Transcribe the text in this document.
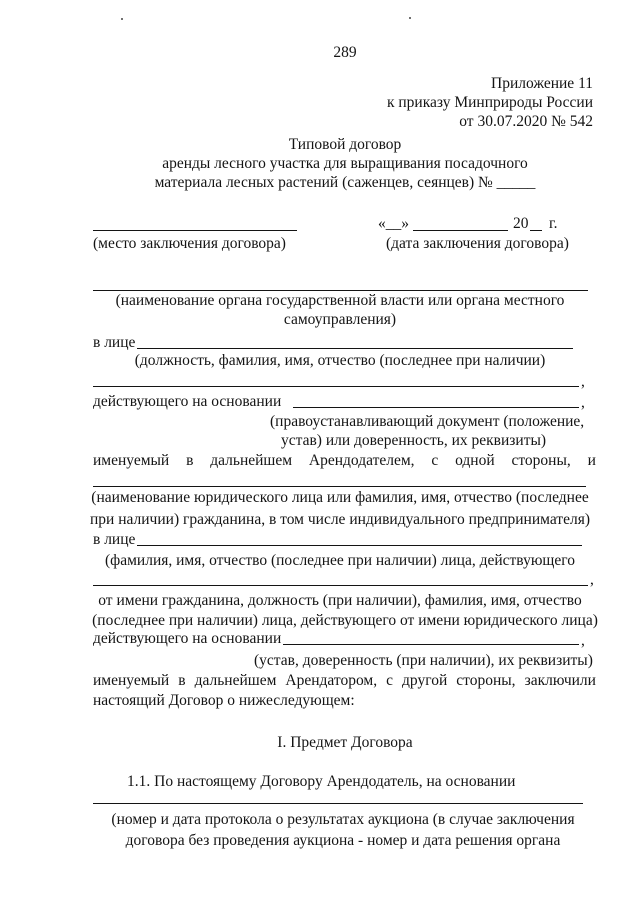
289
Приложение 11
к приказу Минприроды России
от 30.07.2020 № 542
Типовой договор
аренды лесного участка для выращивания посадочного
материала лесных растений (саженцев, сеянцев) № _____
«__»	20 г.
(место заключения договора)	(дата заключения договора)
(наименование органа государственной власти или органа местного
самоуправления)
в лице
(должность, фамилия, имя, отчество (последнее при наличии)
,
действующего на основании	,
(правоустанавливающий документ (положение,
устав) или доверенность, их реквизиты)
именуемый в дальнейшем Арендодателем, с одной стороны, и
(наименование юридического лица или фамилия, имя, отчество (последнее
при наличии) гражданина, в том числе индивидуального предпринимателя)
в лице
(фамилия, имя, отчество (последнее при наличии) лица, действующего
,
от имени гражданина, должность (при наличии), фамилия, имя, отчество
(последнее при наличии) лица, действующего от имени юридического лица)
действующего на основании	,
(устав, доверенность (при наличии), их реквизиты)
именуемый в дальнейшем Арендатором, с другой стороны, заключили
настоящий Договор о нижеследующем:
I. Предмет Договора
1.1. По настоящему Договору Арендодатель, на основании
(номер и дата протокола о результатах аукциона (в случае заключения
договора без проведения аукциона - номер и дата решения органа
